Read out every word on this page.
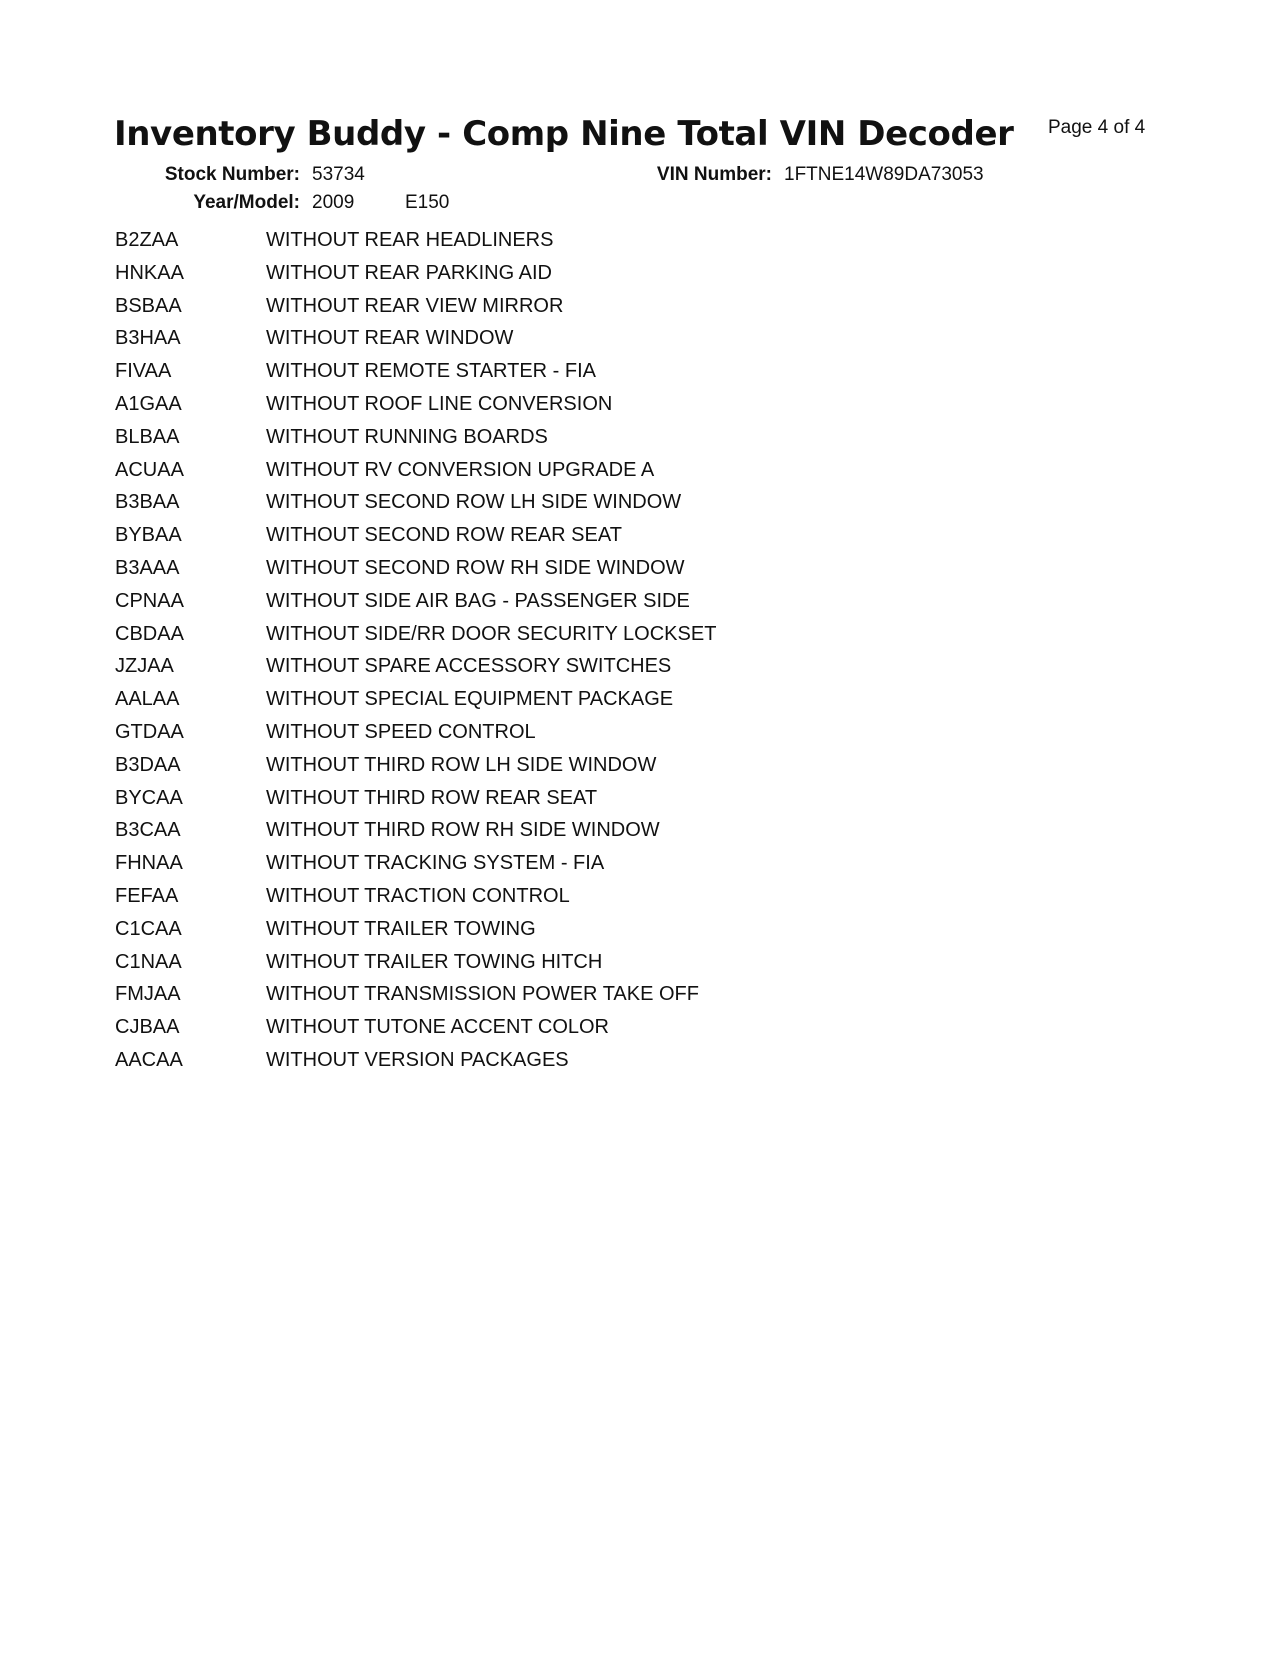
Inventory Buddy - Comp Nine Total VIN Decoder Page 4 of 4
Stock Number: 53734	VIN Number: 1FTNE14W89DA73053
Year/Model: 2009	E150
B2ZAA	WITHOUT REAR HEADLINERS
HNKAA	WITHOUT REAR PARKING AID
BSBAA	WITHOUT REAR VIEW MIRROR
B3HAA	WITHOUT REAR WINDOW
FIVAA	WITHOUT REMOTE STARTER - FIA
A1GAA	WITHOUT ROOF LINE CONVERSION
BLBAA	WITHOUT RUNNING BOARDS
ACUAA	WITHOUT RV CONVERSION UPGRADE A
B3BAA	WITHOUT SECOND ROW LH SIDE WINDOW
BYBAA	WITHOUT SECOND ROW REAR SEAT
B3AAA	WITHOUT SECOND ROW RH SIDE WINDOW
CPNAA	WITHOUT SIDE AIR BAG - PASSENGER SIDE
CBDAA	WITHOUT SIDE/RR DOOR SECURITY LOCKSET
JZJAA	WITHOUT SPARE ACCESSORY SWITCHES
AALAA	WITHOUT SPECIAL EQUIPMENT PACKAGE
GTDAA	WITHOUT SPEED CONTROL
B3DAA	WITHOUT THIRD ROW LH SIDE WINDOW
BYCAA	WITHOUT THIRD ROW REAR SEAT
B3CAA	WITHOUT THIRD ROW RH SIDE WINDOW
FHNAA	WITHOUT TRACKING SYSTEM - FIA
FEFAA	WITHOUT TRACTION CONTROL
C1CAA	WITHOUT TRAILER TOWING
C1NAA	WITHOUT TRAILER TOWING HITCH
FMJAA	WITHOUT TRANSMISSION POWER TAKE OFF
CJBAA	WITHOUT TUTONE ACCENT COLOR
AACAA	WITHOUT VERSION PACKAGES
